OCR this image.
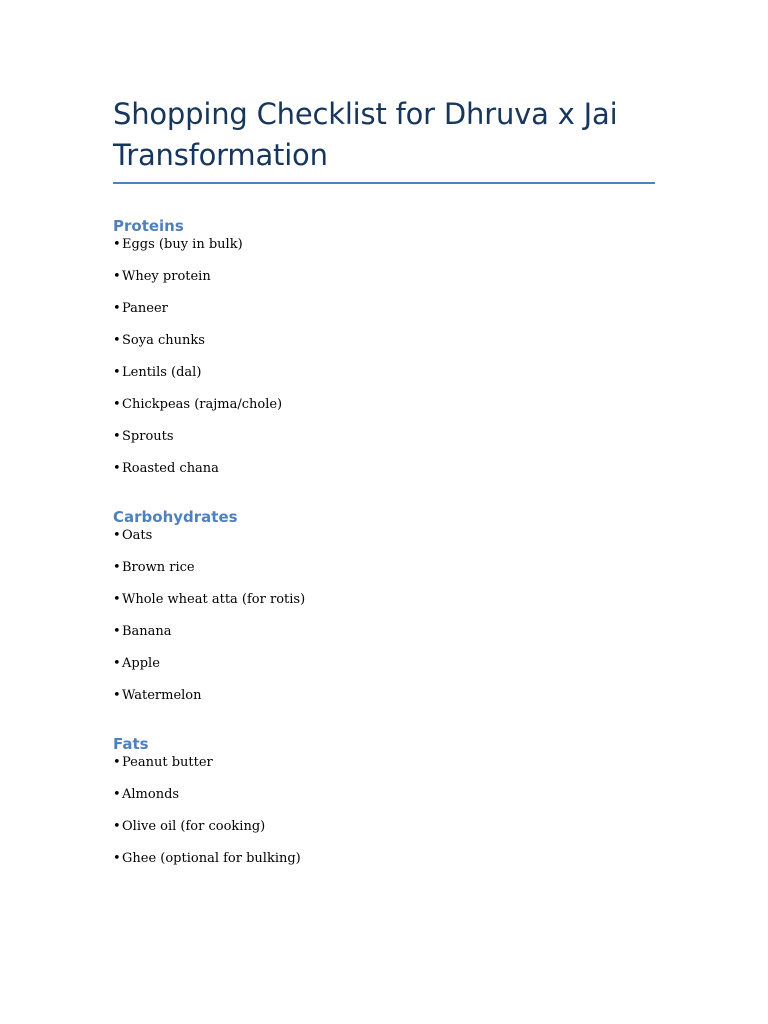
Shopping Checklist for Dhruva x Jai Transformation
Proteins
•Eggs (buy in bulk)
•Whey protein
•Paneer
•Soya chunks
•Lentils (dal)
•Chickpeas (rajma/chole)
•Sprouts
•Roasted chana
Carbohydrates
•Oats
•Brown rice
•Whole wheat atta (for rotis)
•Banana
•Apple
•Watermelon
Fats
•Peanut butter
•Almonds
•Olive oil (for cooking)
•Ghee (optional for bulking)
